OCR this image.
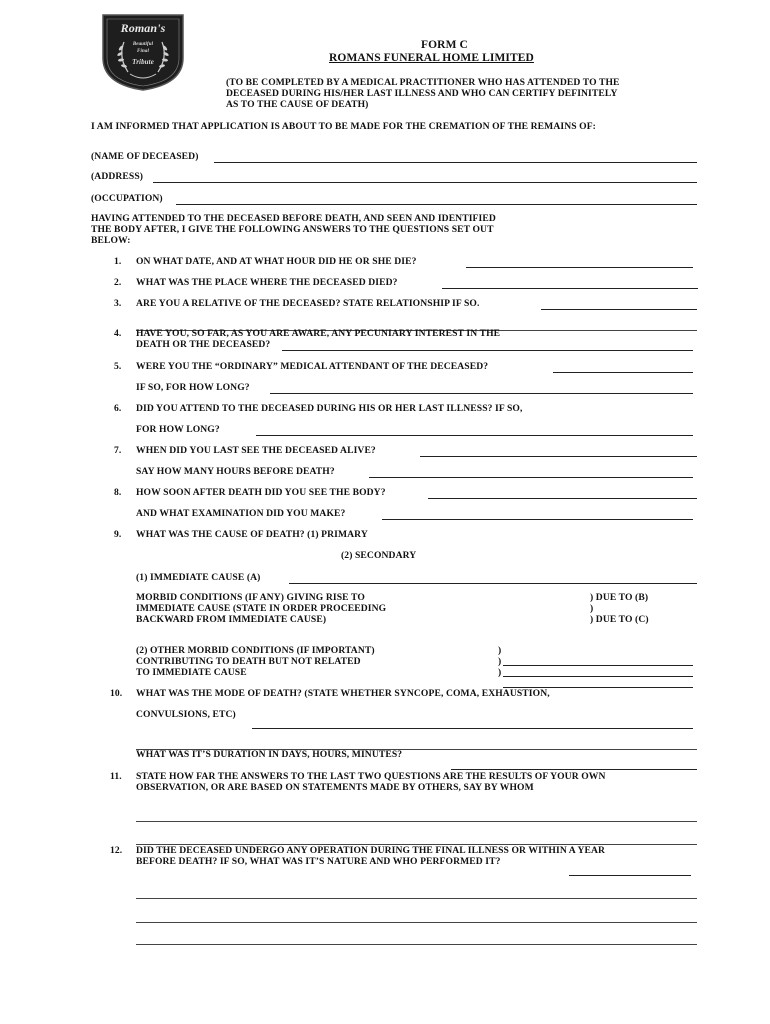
Roman's
Beautiful
Final
Tribute
FORM C
ROMANS FUNERAL HOME LIMITED
(TO BE COMPLETED BY A MEDICAL PRACTITIONER WHO HAS ATTENDED TO THE
DECEASED DURING HIS/HER LAST ILLNESS AND WHO CAN CERTIFY DEFINITELY
AS TO THE CAUSE OF DEATH)
I AM INFORMED THAT APPLICATION IS ABOUT TO BE MADE FOR THE CREMATION OF THE REMAINS OF:
(NAME OF DECEASED)
(ADDRESS)
(OCCUPATION)
HAVING ATTENDED TO THE DECEASED BEFORE DEATH, AND SEEN AND IDENTIFIED
THE BODY AFTER, I GIVE THE FOLLOWING ANSWERS TO THE QUESTIONS SET OUT
BELOW:
1. ON WHAT DATE, AND AT WHAT HOUR DID HE OR SHE DIE?
2. WHAT WAS THE PLACE WHERE THE DECEASED DIED?
3. ARE YOU A RELATIVE OF THE DECEASED? STATE RELATIONSHIP IF SO.
4. HAVE YOU, SO FAR, AS YOU ARE AWARE, ANY PECUNIARY INTEREST IN THE
DEATH OR THE DECEASED?
5. WERE YOU THE “ORDINARY” MEDICAL ATTENDANT OF THE DECEASED?
IF SO, FOR HOW LONG?
6. DID YOU ATTEND TO THE DECEASED DURING HIS OR HER LAST ILLNESS? IF SO,
FOR HOW LONG?
7. WHEN DID YOU LAST SEE THE DECEASED ALIVE?
SAY HOW MANY HOURS BEFORE DEATH?
8. HOW SOON AFTER DEATH DID YOU SEE THE BODY?
AND WHAT EXAMINATION DID YOU MAKE?
9. WHAT WAS THE CAUSE OF DEATH? (1) PRIMARY
(2) SECONDARY
(1) IMMEDIATE CAUSE (A)
MORBID CONDITIONS (IF ANY) GIVING RISE TO
IMMEDIATE CAUSE (STATE IN ORDER PROCEEDING
BACKWARD FROM IMMEDIATE CAUSE)
) DUE TO (B)
)
) DUE TO (C)
(2) OTHER MORBID CONDITIONS (IF IMPORTANT)
CONTRIBUTING TO DEATH BUT NOT RELATED
TO IMMEDIATE CAUSE
)
)
)
10. WHAT WAS THE MODE OF DEATH? (STATE WHETHER SYNCOPE, COMA, EXHAUSTION,
CONVULSIONS, ETC)
WHAT WAS IT’S DURATION IN DAYS, HOURS, MINUTES?
11. STATE HOW FAR THE ANSWERS TO THE LAST TWO QUESTIONS ARE THE RESULTS OF YOUR OWN
OBSERVATION, OR ARE BASED ON STATEMENTS MADE BY OTHERS, SAY BY WHOM
12. DID THE DECEASED UNDERGO ANY OPERATION DURING THE FINAL ILLNESS OR WITHIN A YEAR
BEFORE DEATH? IF SO, WHAT WAS IT’S NATURE AND WHO PERFORMED IT?
